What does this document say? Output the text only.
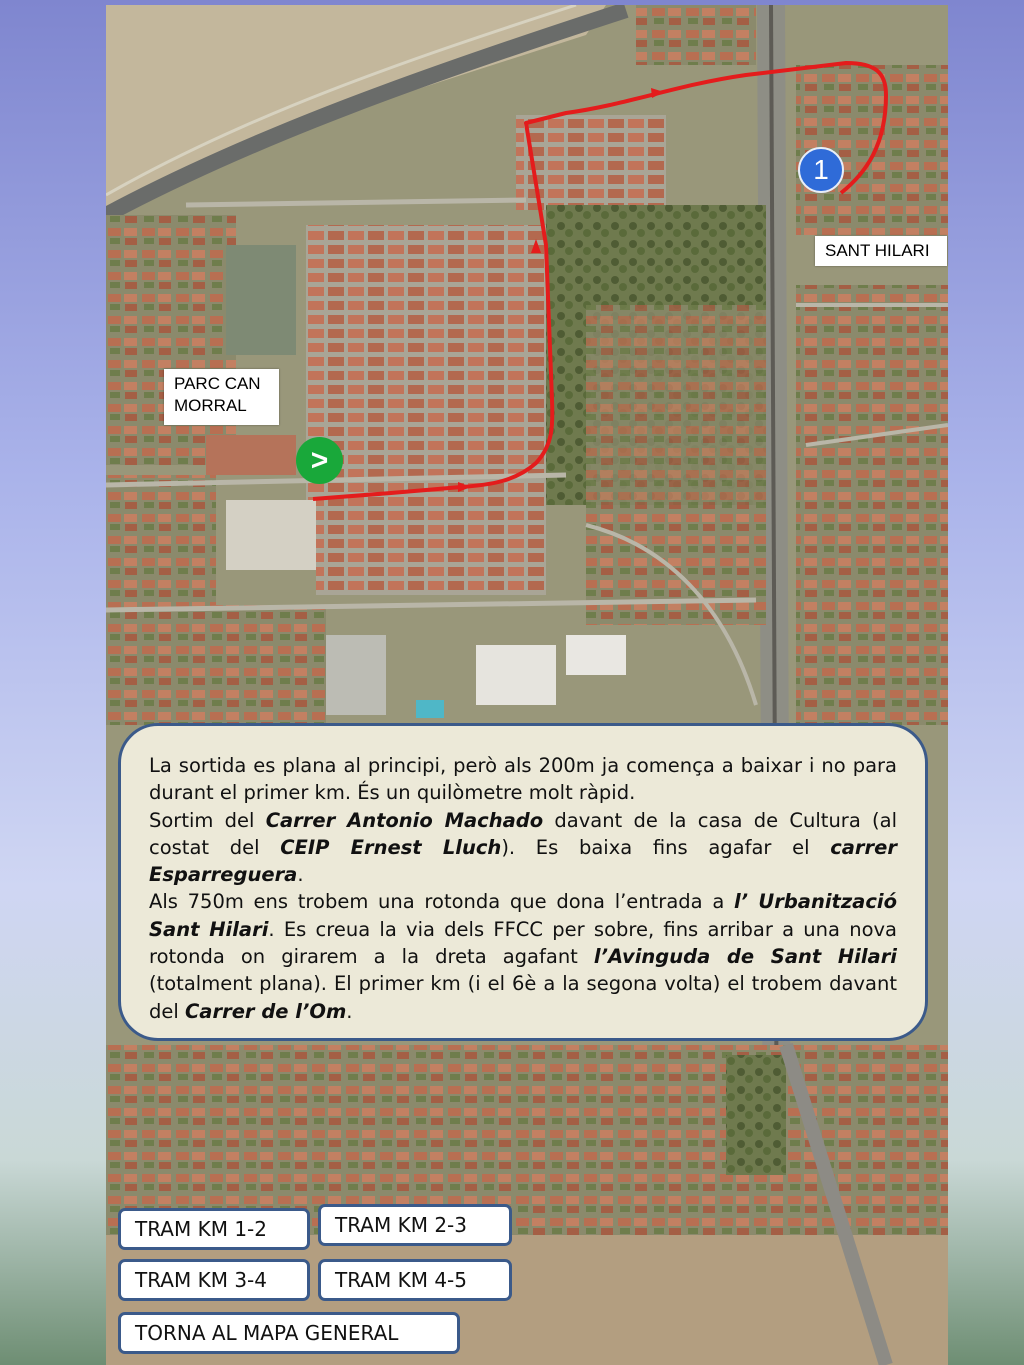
SANT HILARI
PARC CAN
MORRAL
>
1

La sortida es plana al principi, però als 200m ja comença a baixar i no para durant el primer km. És un quilòmetre molt ràpid.

Sortim del Carrer Antonio Machado davant de la casa de Cultura (al costat del CEIP Ernest Lluch). Es baixa fins agafar el carrer Esparreguera.

Als 750m ens trobem una rotonda que dona l’entrada a l’ Urbanització Sant Hilari. Es creua la via dels FFCC per sobre, fins arribar a una nova rotonda on girarem a la dreta agafant l’Avinguda de Sant Hilari (totalment plana). El primer km (i el 6è a la segona volta) el trobem davant del Carrer de l’Om.

TRAM KM 1-2	TRAM KM 2-3
TRAM KM 3-4	TRAM KM 4-5
TORNA AL MAPA GENERAL
